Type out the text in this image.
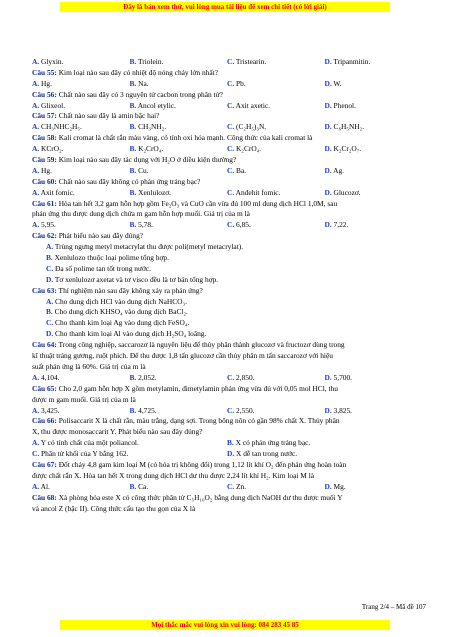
Đây là bản xem thử, vui lòng mua tài liệu để xem chi tiết (có lời giải)
A. Glyxin.	B. Triolein.	C. Tristearin.	D. Tripanmitin.
Câu 55: Kim loại nào sau đây có nhiệt độ nóng chảy lớn nhất?
A. Hg.	B. Na.	C. Pb.	D. W.
Câu 56: Chất nào sau đây có 3 nguyên tử cacbon trong phân tử?
A. Glixeol.	B. Ancol etylic.	C. Axit axetic.	D. Phenol.
Câu 57: Chất nào sau đây là amin bậc hai?
A. CH₃NHC₂H₅.	B. CH₃NH₂.	C. (C₂H₅)₃N.	D. C₆H₅NH₂.
Câu 58: Kali cromat là chất rắn màu vàng, có tính oxi hóa mạnh. Công thức của kali cromat là
A. KCrO₂.	B. K₂CrO₄.	C. K₂CrO₄.	D. K₂Cr₂O₇.
Câu 59: Kim loại nào sau đây tác dụng với H₂O ở điều kiện thường?
A. Hg.	B. Cu.	C. Ba.	D. Ag.
Câu 60: Chất nào sau đây không có phản ứng tráng bạc?
A. Axit fomic.	B. Xenlulozơ.	C. Anđehit fomic.	D. Glucozơ.
Câu 61: Hòa tan hết 3,2 gam hỗn hợp gồm Fe₂O₃ và CuO cần vừa đủ 100 ml dung dịch HCl 1,0M, sau
phản ứng thu được dung dịch chứa m gam hỗn hợp muối. Giá trị của m là
A. 5,95.	B. 5,78.	C. 6,85.	D. 7,22.
Câu 62: Phát biểu nào sau đây đúng?
A. Trùng ngưng metyl metacrylat thu được poli(metyl metacrylat).
B. Xenlulozo thuộc loại polime tổng hợp.
C. Đa số polime tan tốt trong nước.
D. Tơ xenlulozơ axetat và tơ visco đều là tơ bán tổng hợp.
Câu 63: Thí nghiệm nào sau đây không xảy ra phản ứng?
A. Cho dung dịch HCl vào dung dịch NaHCO₃.
B. Cho dung dịch KHSO₄ vào dung dịch BaCl₂.
C. Cho thanh kim loại Ag vào dung dịch FeSO₄.
D. Cho thanh kim loại Al vào dung dịch H₂SO₄ loãng.
Câu 64: Trong công nghiệp, saccarozơ là nguyên liệu để thủy phân thành glucozơ và fructozơ dùng trong
kĩ thuật tráng gương, ruột phích. Để thu được 1,8 tấn glucozơ cần thủy phân m tấn saccarozơ với hiệu
suất phản ứng là 60%. Giá trị của m là
A. 4,104.	B. 2,052.	C. 2,850.	D. 5,700.
Câu 65: Cho 2,0 gam hỗn hợp X gồm metylamin, đimetylamin phản ứng vừa đủ với 0,05 mol HCl, thu
được m gam muối. Giá trị của m là
A. 3,425.	B. 4,725.	C. 2,550.	D. 3,825.
Câu 66: Polisaccarit X là chất rắn, màu trắng, dạng sợi. Trong bông nõn có gần 98% chất X. Thủy phân
X, thu được monosaccarit Y. Phát biểu nào sau đây đúng?
A. Y có tính chất của một poliancol.	B. X có phản ứng tráng bạc.
C. Phân tử khối của Y bằng 162.	D. X dễ tan trong nước.
Câu 67: Đốt cháy 4,8 gam kim loại M (có hóa trị không đổi) trong 1,12 lít khí O₂ đến phản ứng hoàn toàn
được chất rắn X. Hòa tan hết X trong dung dịch HCl dư thu được 2,24 lít khí H₂. Kim loại M là
A. Al.	B. Ca.	C. Zn.	D. Mg.
Câu 68: Xà phòng hóa este X có công thức phân tử C₅H₁₀O₂ bằng dung dịch NaOH dư thu được muối Y
và ancol Z (bậc II). Công thức cấu tạo thu gọn của X là
Trang 2/4 – Mã đề 107
Mọi thắc mắc vui lòng xin vui lòng: 084 283 45 85
